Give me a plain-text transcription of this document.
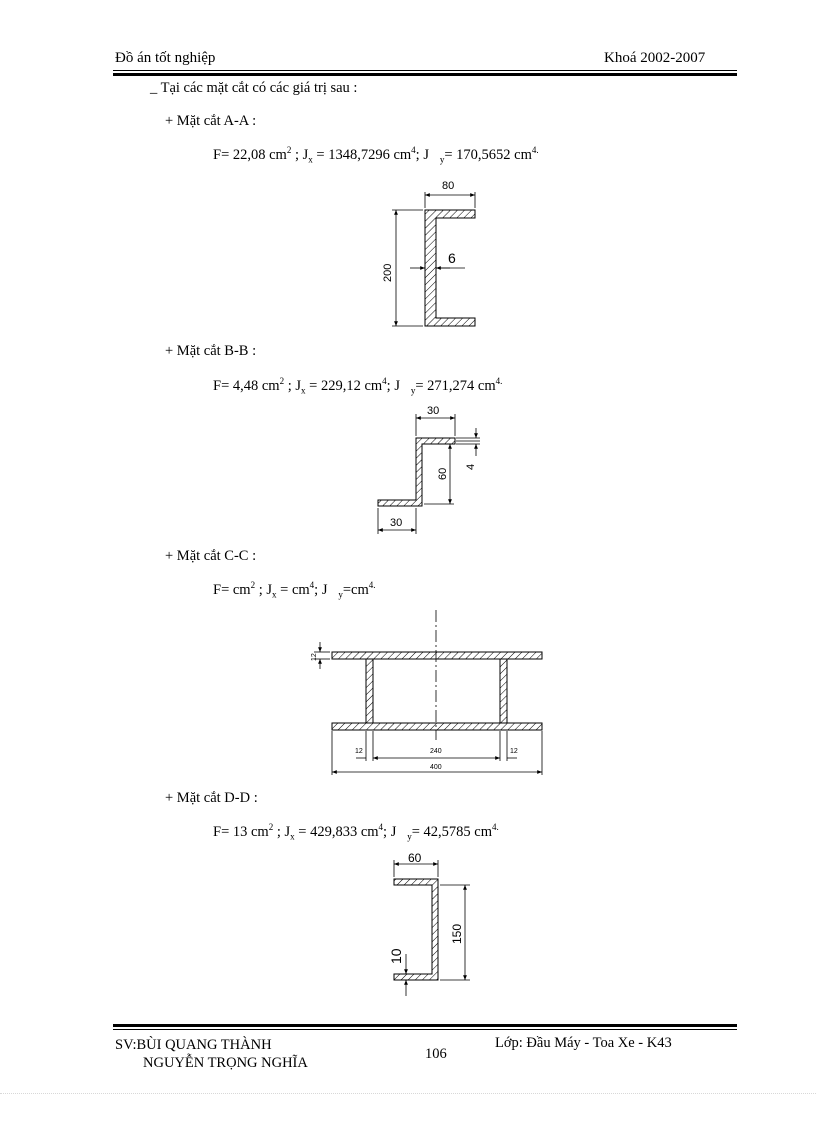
Đồ án tốt nghiệp	Khoá 2002-2007
_ Tại các mặt cắt có các giá trị sau :
+ Mặt cắt A-A :
F= 22,08 $cm^2$ ; $J_x = 1348,7296$ $cm^4$; J $_y$= 170,5652 $cm^{4.}$
80
200
6
+ Mặt cắt B-B :
F= 4,48 $cm^2$ ; $J_x = 229,12$ $cm^4$; J $_y$= 271,274 $cm^{4.}$
30
60
4
30
+ Mặt cắt C-C :
$F= cm^2$ ; $J_x = cm^4$; J $_y=cm^{4.}$
12
12	240	12
400
+ Mặt cắt D-D :
F= 13 $cm^2$ ; $J_x = 429,833$ $cm^4$; J $_y$= 42,5785 $cm^{4.}$
60
150
10
SV:BÙI QUANG THÀNH
NGUYỄN TRỌNG NGHĨA
106
Lớp: Đầu Máy - Toa Xe - K43
